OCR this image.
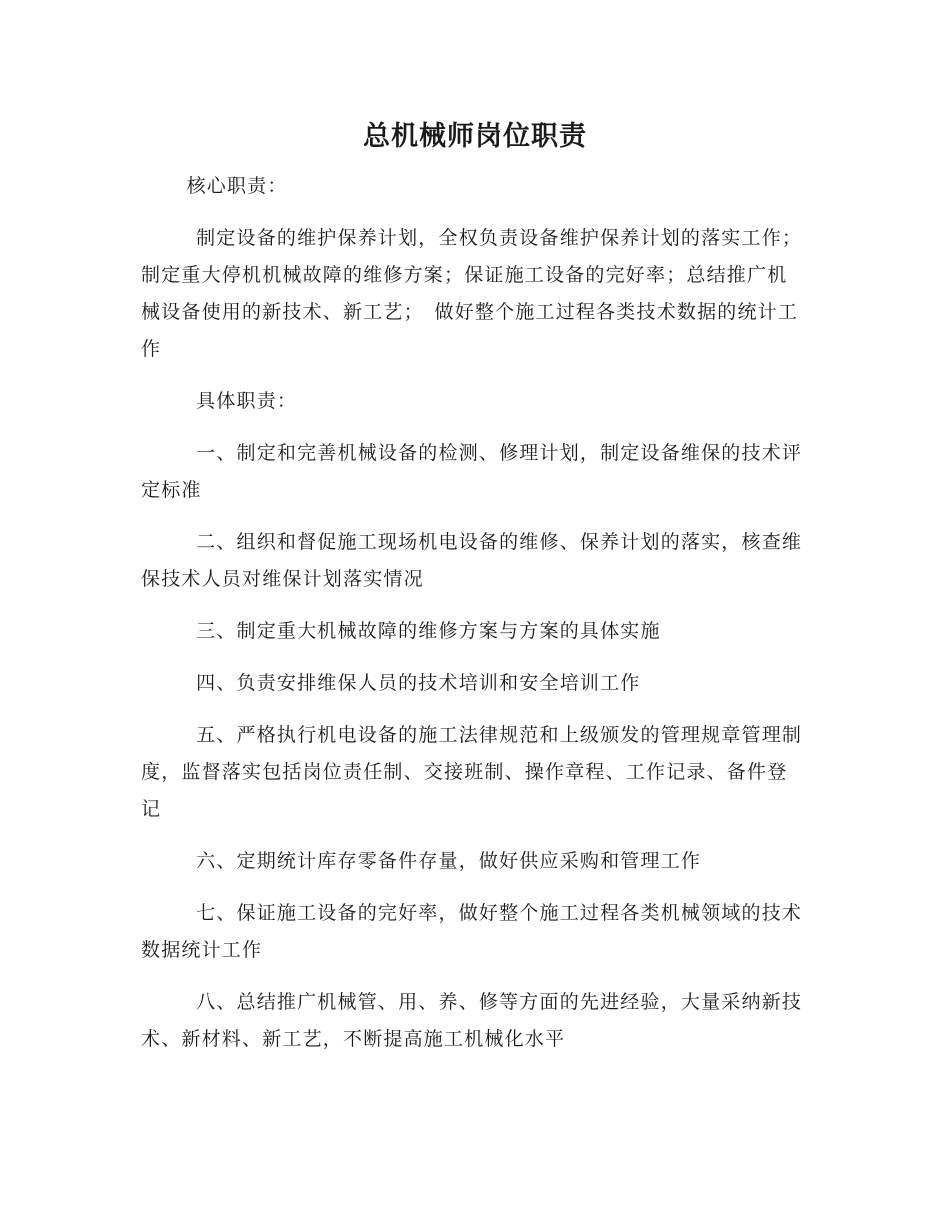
总机械师岗位职责

核心职责：

制定设备的维护保养计划，全权负责设备维护保养计划的落实工作；制定重大停机机械故障的维修方案；保证施工设备的完好率；总结推广机械设备使用的新技术、新工艺；　做好整个施工过程各类技术数据的统计工作

具体职责：

一、制定和完善机械设备的检测、修理计划，制定设备维保的技术评定标准

二、组织和督促施工现场机电设备的维修、保养计划的落实，核查维保技术人员对维保计划落实情况

三、制定重大机械故障的维修方案与方案的具体实施

四、负责安排维保人员的技术培训和安全培训工作

五、严格执行机电设备的施工法律规范和上级颁发的管理规章管理制度，监督落实包括岗位责任制、交接班制、操作章程、工作记录、备件登记

六、定期统计库存零备件存量，做好供应采购和管理工作

七、保证施工设备的完好率，做好整个施工过程各类机械领域的技术数据统计工作

八、总结推广机械管、用、养、修等方面的先进经验，大量采纳新技术、新材料、新工艺，不断提高施工机械化水平
